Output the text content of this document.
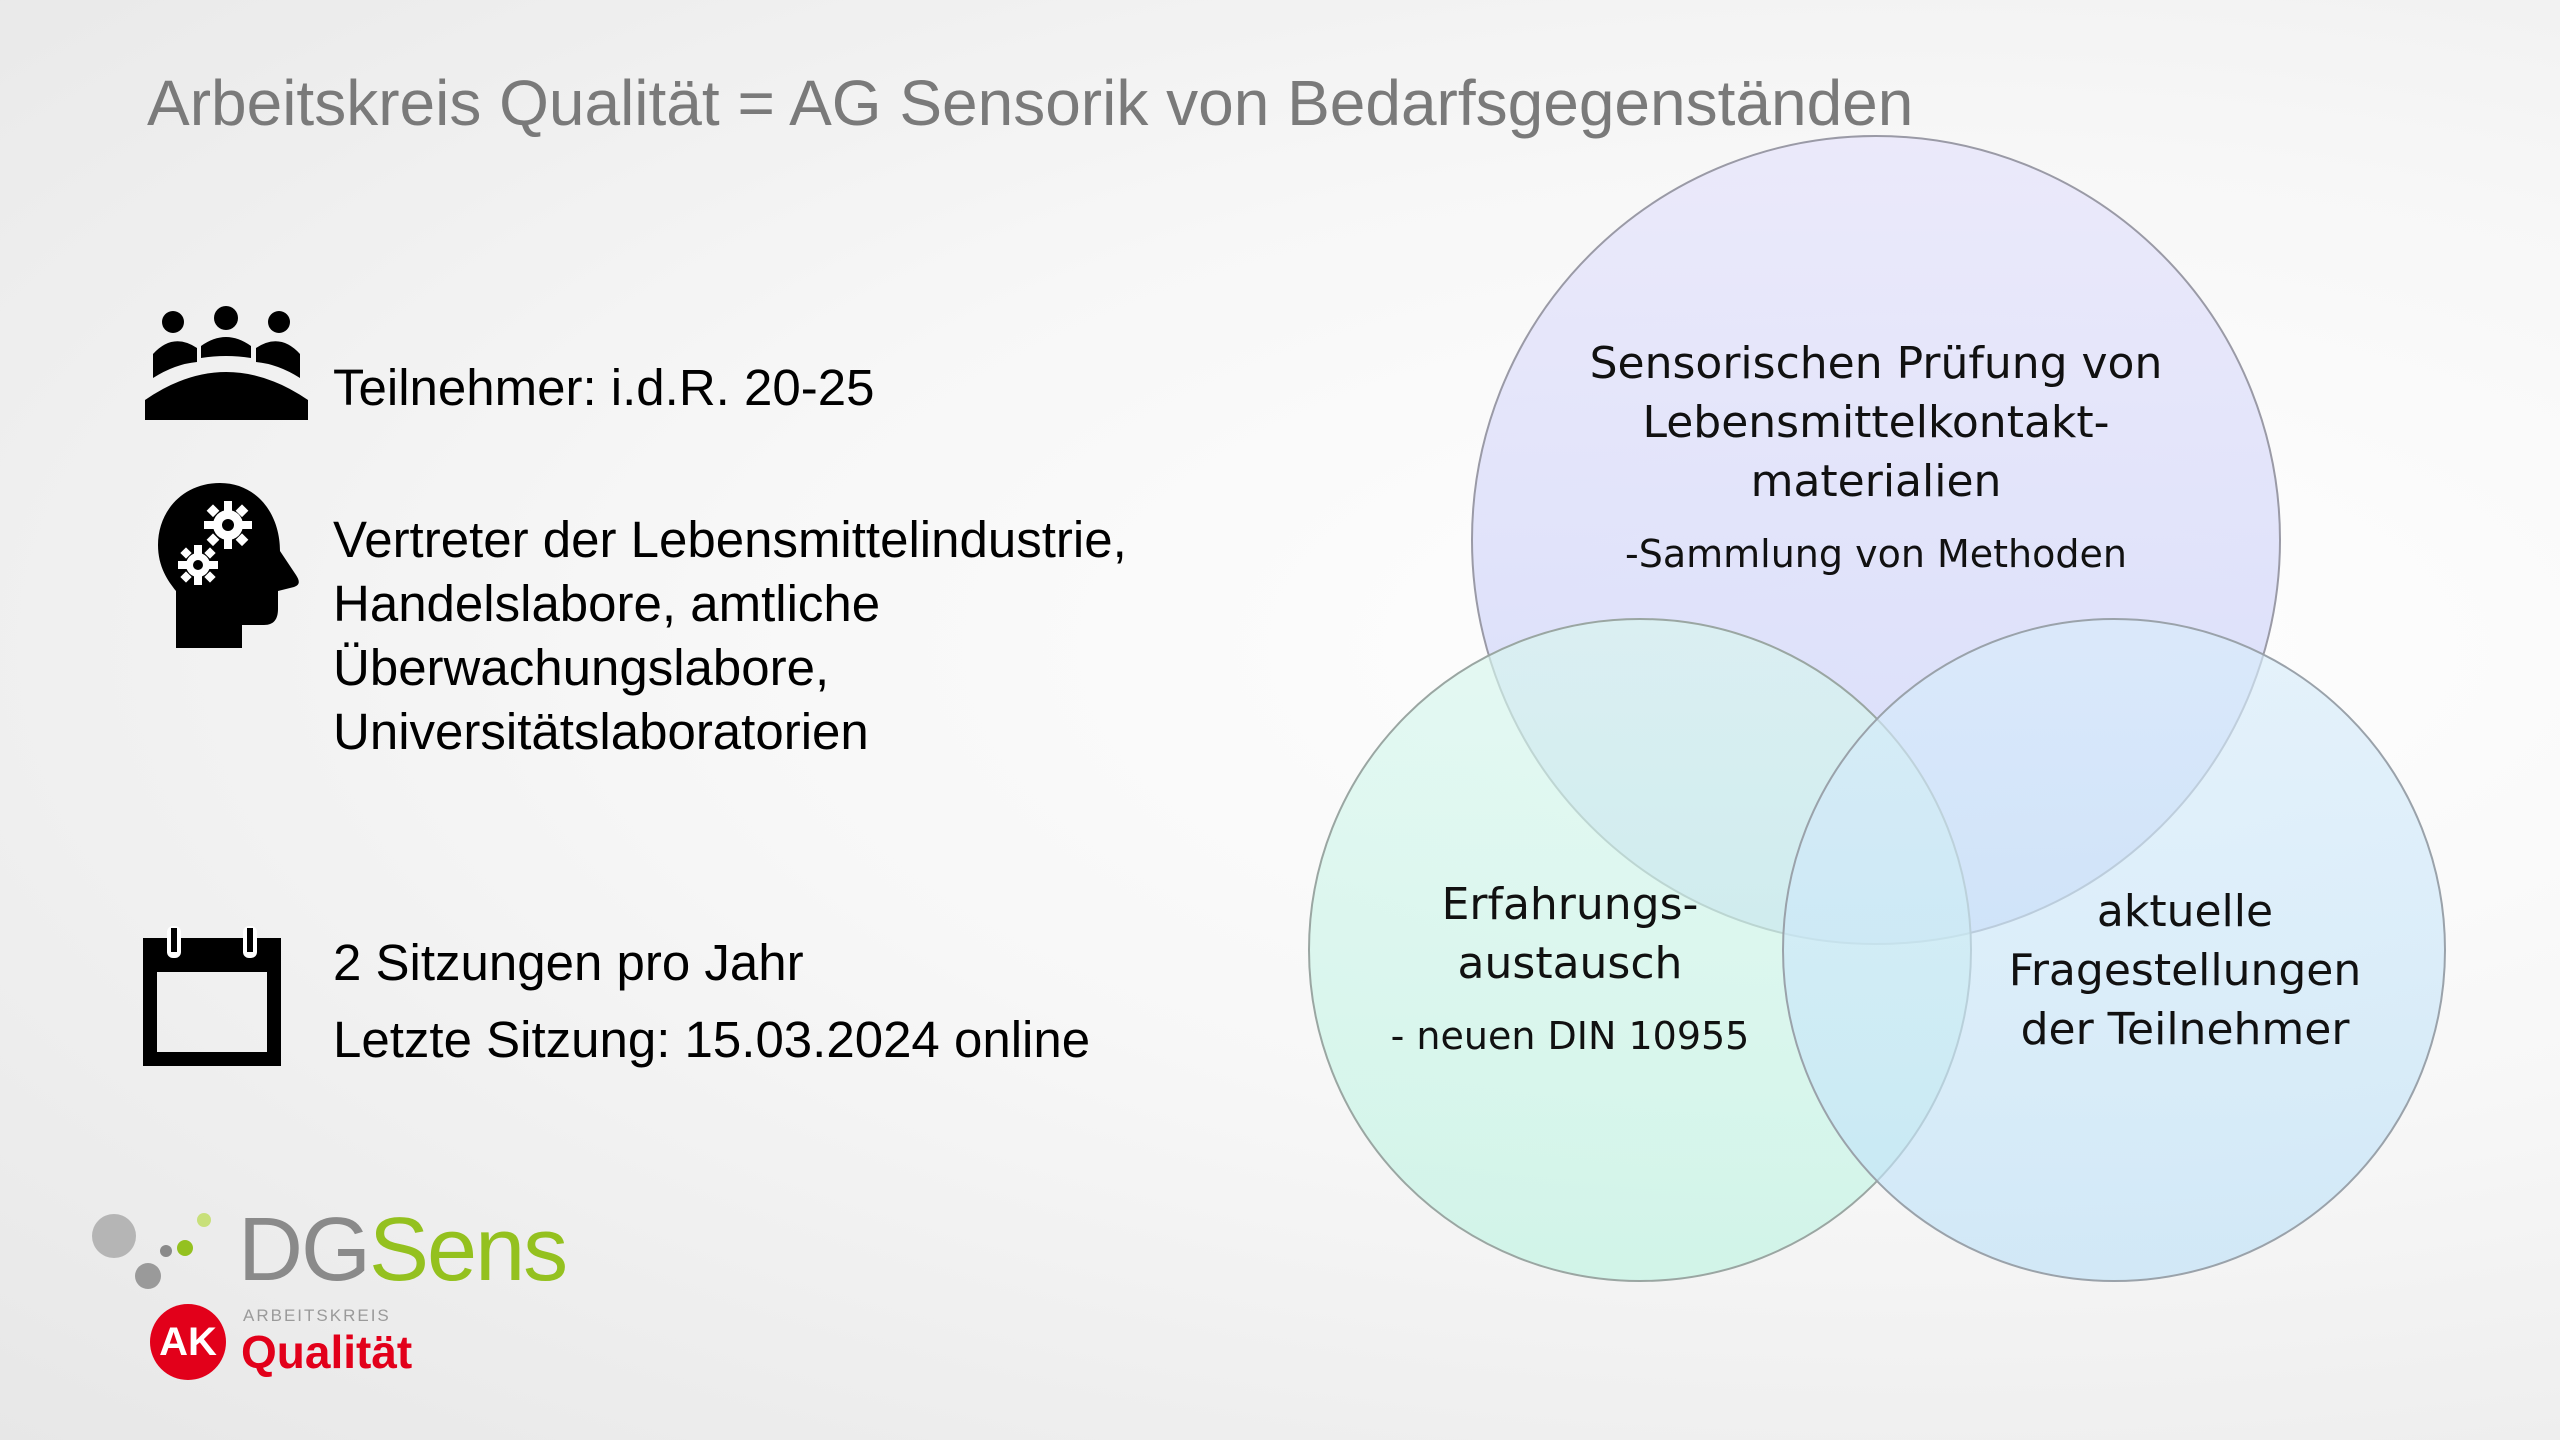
Arbeitskreis Qualität = AG Sensorik von Bedarfsgegenständen
Teilnehmer: i.d.R. 20-25
Vertreter der Lebensmittelindustrie,
Handelslabore, amtliche
Überwachungslabore,
Universitätslaboratorien
2 Sitzungen pro Jahr
Letzte Sitzung: 15.03.2024 online
Sensorischen Prüfung von
Lebensmittelkontakt-
materialien
-Sammlung von Methoden
Erfahrungs-
austausch
- neuen DIN 10955
aktuelle
Fragestellungen
der Teilnehmer
DGSens
AK
ARBEITSKREIS
Qualität
